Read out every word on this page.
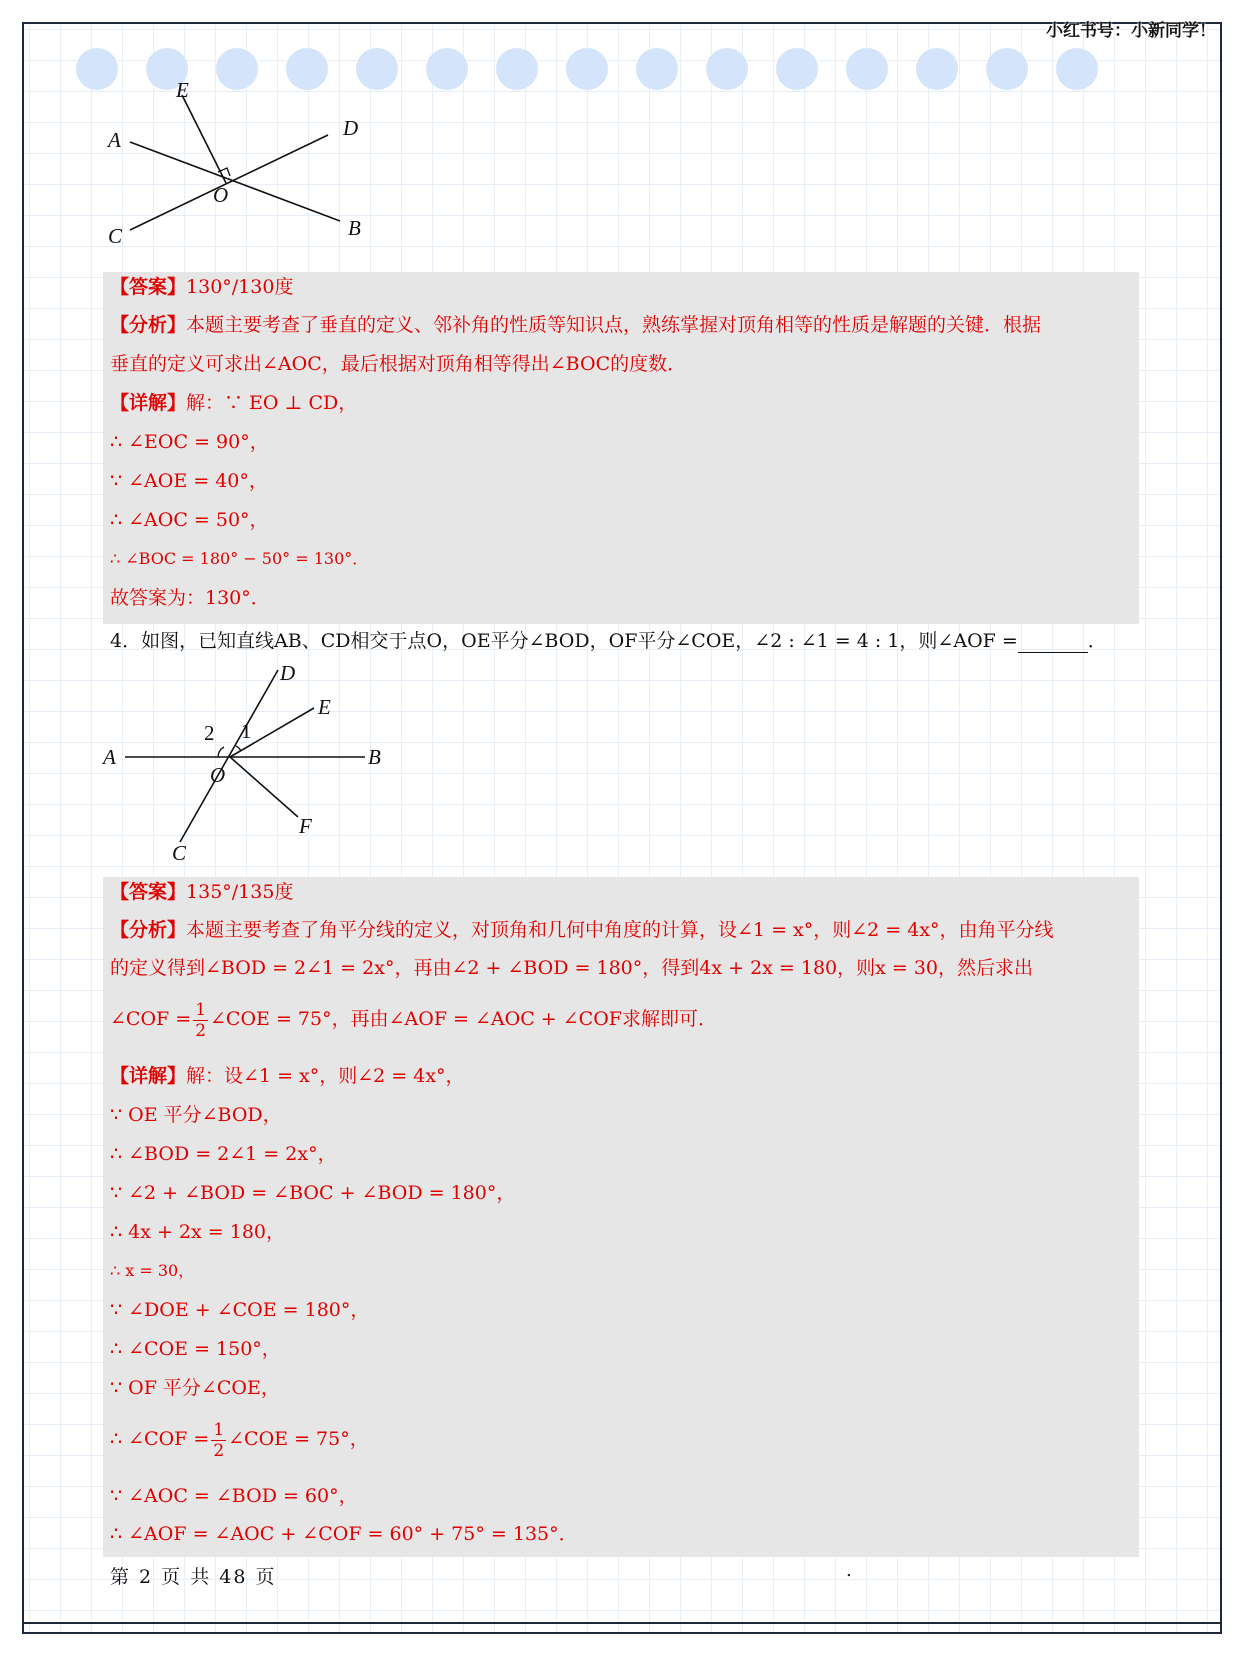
小红书号：小新同学！
E
A	D
O
C	B
【答案】130°/130度
【分析】本题主要考查了垂直的定义、邻补角的性质等知识点，熟练掌握对顶角相等的性质是解题的关键．根据
垂直的定义可求出∠AOC，最后根据对顶角相等得出∠BOC的度数．
【详解】解：∵ EO ⊥ CD，
∴ ∠EOC = 90°，
∵ ∠AOE = 40°，
∴ ∠AOC = 50°，
∴ ∠BOC = 180° − 50° = 130°．
故答案为：130°．
4．如图，已知直线AB、CD相交于点O，OE平分∠BOD，OF平分∠COE，∠2 : ∠1 = 4 : 1，则∠AOF =	．
D
E
2 1
A	B
O
F
C
【答案】135°/135度
【分析】本题主要考查了角平分线的定义，对顶角和几何中角度的计算，设∠1 = x°，则∠2 = 4x°，由角平分线
的定义得到∠BOD = 2∠1 = 2x°，再由∠2 + ∠BOD = 180°，得到4x + 2x = 180，则x = 30，然后求出
∠COF = $\frac{1}{2}$ ∠COE = 75°，再由∠AOF = ∠AOC + ∠COF求解即可．
【详解】解：设∠1 = x°，则∠2 = 4x°，
∵ OE 平分∠BOD，
∴ ∠BOD = 2∠1 = 2x°，
∵ ∠2 + ∠BOD = ∠BOC + ∠BOD = 180°，
∴ 4x + 2x = 180，
∴ x = 30，
∵ ∠DOE + ∠COE = 180°，
∴ ∠COE = 150°，
∵ OF 平分∠COE，
∴ ∠COF = $\frac{1}{2}$ ∠COE = 75°，
∵ ∠AOC = ∠BOD = 60°，
∴ ∠AOF = ∠AOC + ∠COF = 60° + 75° = 135°．
第 2 页 共 48 页	.
